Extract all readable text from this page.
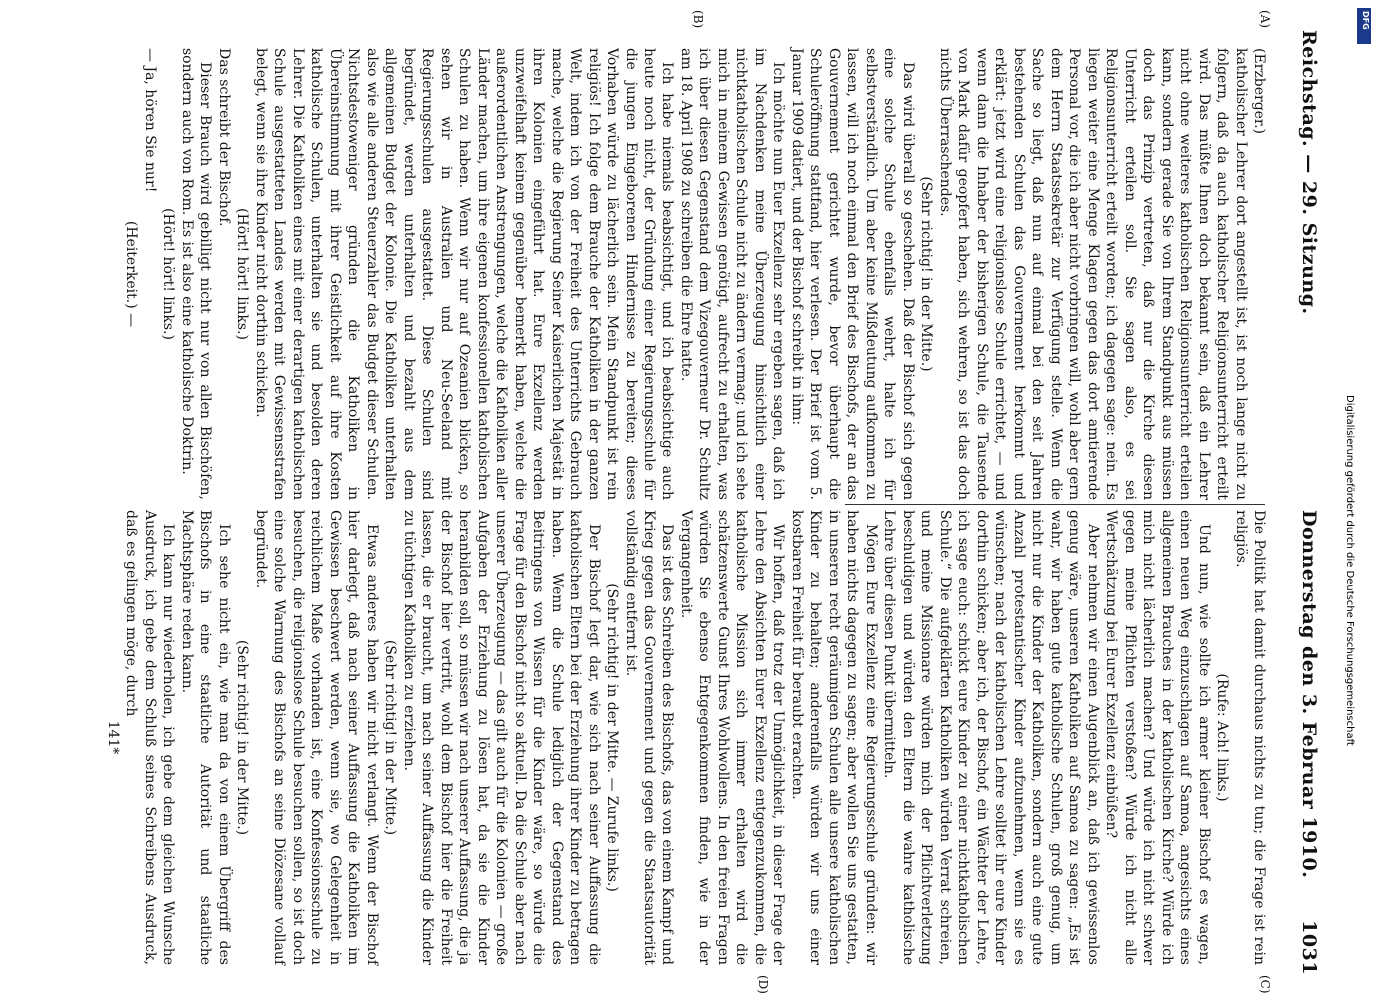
Reichstag. — 29. Sitzung.
Donnerstag den 3. Februar 1910.
1031
(A)
(B)
(C)
(D)

(Erzberger.)

katholischer Lehrer dort angestellt ist, ist noch lange nicht zu folgern, daß da auch katholischer Religionsunterricht erteilt wird. Das müßte Ihnen doch bekannt sein, daß ein Lehrer nicht ohne weiteres katholischen Religionsunterricht erteilen kann, sondern gerade Sie von Ihrem Standpunkt aus müssen doch das Prinzip vertreten, daß nur die Kirche diesen Unterricht erteilen soll. Sie sagen also, es sei Religionsunterricht erteilt worden; ich dagegen sage: nein. Es liegen weiter eine Menge Klagen gegen das dort amtierende Personal vor, die ich aber nicht vorbringen will, wohl aber gern dem Herrn Staatssekretär zur Verfügung stelle. Wenn die Sache so liegt, daß nun auf einmal bei den seit Jahren bestehenden Schulen das Gouvernement herkommt und erklärt: jetzt wird eine religionslose Schule errichtet, — und wenn dann die Inhaber der bisherigen Schule, die Tausende von Mark dafür geopfert haben, sich wehren, so ist das doch nichts Überraschendes.

(Sehr richtig! in der Mitte.)

Das wird überall so geschehen. Daß der Bischof sich gegen eine solche Schule ebenfalls wehrt, halte ich für selbstverständlich. Um aber keine Mißdeutung aufkommen zu lassen, will ich noch einmal den Brief des Bischofs, der an das Gouvernement gerichtet wurde, bevor überhaupt die Schuleröffnung stattfand, hier verlesen. Der Brief ist vom 5. Januar 1909 datiert, und der Bischof schreibt in ihm:

Ich möchte nun Euer Exzellenz sehr ergeben sagen, daß ich im Nachdenken meine Überzeugung hinsichtlich einer nichtkatholischen Schule nicht zu ändern vermag; und ich sehe mich in meinem Gewissen genötigt, aufrecht zu erhalten, was ich über diesen Gegenstand dem Vizegouverneur Dr. Schultz am 18. April 1908 zu schreiben die Ehre hatte.

Ich habe niemals beabsichtigt, und ich beabsichtige auch heute noch nicht, der Gründung einer Regierungsschule für die jungen Eingeborenen Hindernisse zu bereiten; dieses Vorhaben würde zu lächerlich sein. Mein Standpunkt ist rein religiös! Ich folge dem Brauche der Katholiken in der ganzen Welt, indem ich von der Freiheit des Unterrichts Gebrauch mache, welche die Regierung Seiner Kaiserlichen Majestät in ihren Kolonien eingeführt hat. Eure Exzellenz werden unzweifelhaft keinem gegenüber bemerkt haben, welche die außerordentlichen Anstrengungen, welche die Katholiken aller Länder machen, um ihre eigenen konfessionellen katholischen Schulen zu haben. Wenn wir nur auf Ozeanien blicken, so sehen wir in Australien und Neu-Seeland mit Regierungsschulen ausgestattet. Diese Schulen sind begründet, werden unterhalten und bezahlt aus dem allgemeinen Budget der Kolonie. Die Katholiken unterhalten also wie alle anderen Steuerzahler das Budget dieser Schulen. Nichtsdestoweniger gründen die Katholiken in Übereinstimmung mit ihrer Geistlichkeit auf ihre Kosten katholische Schulen, unterhalten sie und besolden deren Lehrer. Die Katholiken eines mit einer derartigen katholischen Schule ausgestatteten Landes werden mit Gewissensstrafen belegt, wenn sie ihre Kinder nicht dorthin schicken.

(Hört! hört! links.)

Das schreibt der Bischof.

Dieser Brauch wird gebilligt nicht nur von allen Bischöfen, sondern auch von Rom. Es ist also eine katholische Doktrin.

(Hört! hört! links.)

— Ja, hören Sie nur!

(Heiterkeit.) —

Die Politik hat damit durchaus nichts zu tun; die Frage ist rein religiös.

(Rufe: Ach! links.)

Und nun, wie sollte ich armer kleiner Bischof es wagen, einen neuen Weg einzuschlagen auf Samoa, angesichts eines allgemeinen Brauches in der katholischen Kirche? Würde ich mich nicht lächerlich machen? Und würde ich nicht schwer gegen meine Pflichten verstoßen? Würde ich nicht alle Wertschätzung bei Eurer Exzellenz einbüßen?

Aber nehmen wir einen Augenblick an, daß ich gewissenlos genug wäre, unseren Katholiken auf Samoa zu sagen: „Es ist wahr, wir haben gute katholische Schulen, groß genug, um nicht nur die Kinder der Katholiken, sondern auch eine gute Anzahl protestantischer Kinder aufzunehmen, wenn sie es wünschen; nach der katholischen Lehre solltet ihr eure Kinder dorthin schicken; aber ich, der Bischof, ein Wächter der Lehre, ich sage euch: schickt eure Kinder zu einer nichtkatholischen Schule.“ Die aufgeklärten Katholiken würden Verrat schreien, und meine Missionare würden mich der Pflichtverletzung beschuldigen und würden den Eltern die wahre katholische Lehre über diesen Punkt übermitteln.

Mögen Eure Exzellenz eine Regierungsschule gründen: wir haben nichts dagegen zu sagen; aber wollen Sie uns gestatten, in unseren recht geräumigen Schulen alle unsere katholischen Kinder zu behalten; anderenfalls würden wir uns einer kostbaren Freiheit für beraubt erachten.

Wir hoffen, daß trotz der Unmöglichkeit, in dieser Frage der Lehre den Absichten Eurer Exzellenz entgegenzukommen, die katholische Mission sich immer erhalten wird die schätzenswerte Gunst Ihres Wohlwollens. In den freien Fragen würden Sie ebenso Entgegenkommen finden, wie in der Vergangenheit.

Das ist des Schreiben des Bischofs, das von einem Kampf und Krieg gegen das Gouvernement und gegen die Staatsautorität vollständig entfernt ist.

(Sehr richtig! in der Mitte. — Zurufe links.)

Der Bischof legt dar, wie sich nach seiner Auffassung die katholischen Eltern bei der Erziehung ihrer Kinder zu betragen haben. Wenn die Schule lediglich der Gegenstand des Beitringens von Wissen für die Kinder wäre, so würde die Frage für den Bischof nicht so aktuell. Da die Schule aber nach unserer Überzeugung — das gilt auch für die Kolonien — große Aufgaben der Erziehung zu lösen hat, da sie die Kinder heranbilden soll, so müssen wir nach unserer Auffassung, die ja der Bischof hier vertritt, wohl dem Bischof hier die Freiheit lassen, die er braucht, um nach seiner Auffassung die Kinder zu tüchtigen Katholiken zu erziehen.

(Sehr richtig! in der Mitte.)

Etwas anderes haben wir nicht verlangt. Wenn der Bischof hier darlegt, daß nach seiner Auffassung die Katholiken im Gewissen beschwert werden, wenn sie, wo Gelegenheit in reichlichem Maße vorhanden ist, eine Konfessionsschule zu besuchen, die religionslose Schule besuchen sollen, so ist doch eine solche Warnung des Bischofs an seine Diözesane vollauf begründet.

(Sehr richtig! in der Mitte.)

Ich sehe nicht ein, wie man da von einem Übergriff des Bischofs in eine staatliche Autorität und staatliche Machtsphäre reden kann.

Ich kann nur wiederholen, ich gebe dem gleichen Wunsche Ausdruck, ich gebe dem Schluß seines Schreibens Ausdruck, daß es gelingen möge, durch

141*	Digitalisierung gefördert durch die Deutsche Forschungsgemeinschaft
DFG
